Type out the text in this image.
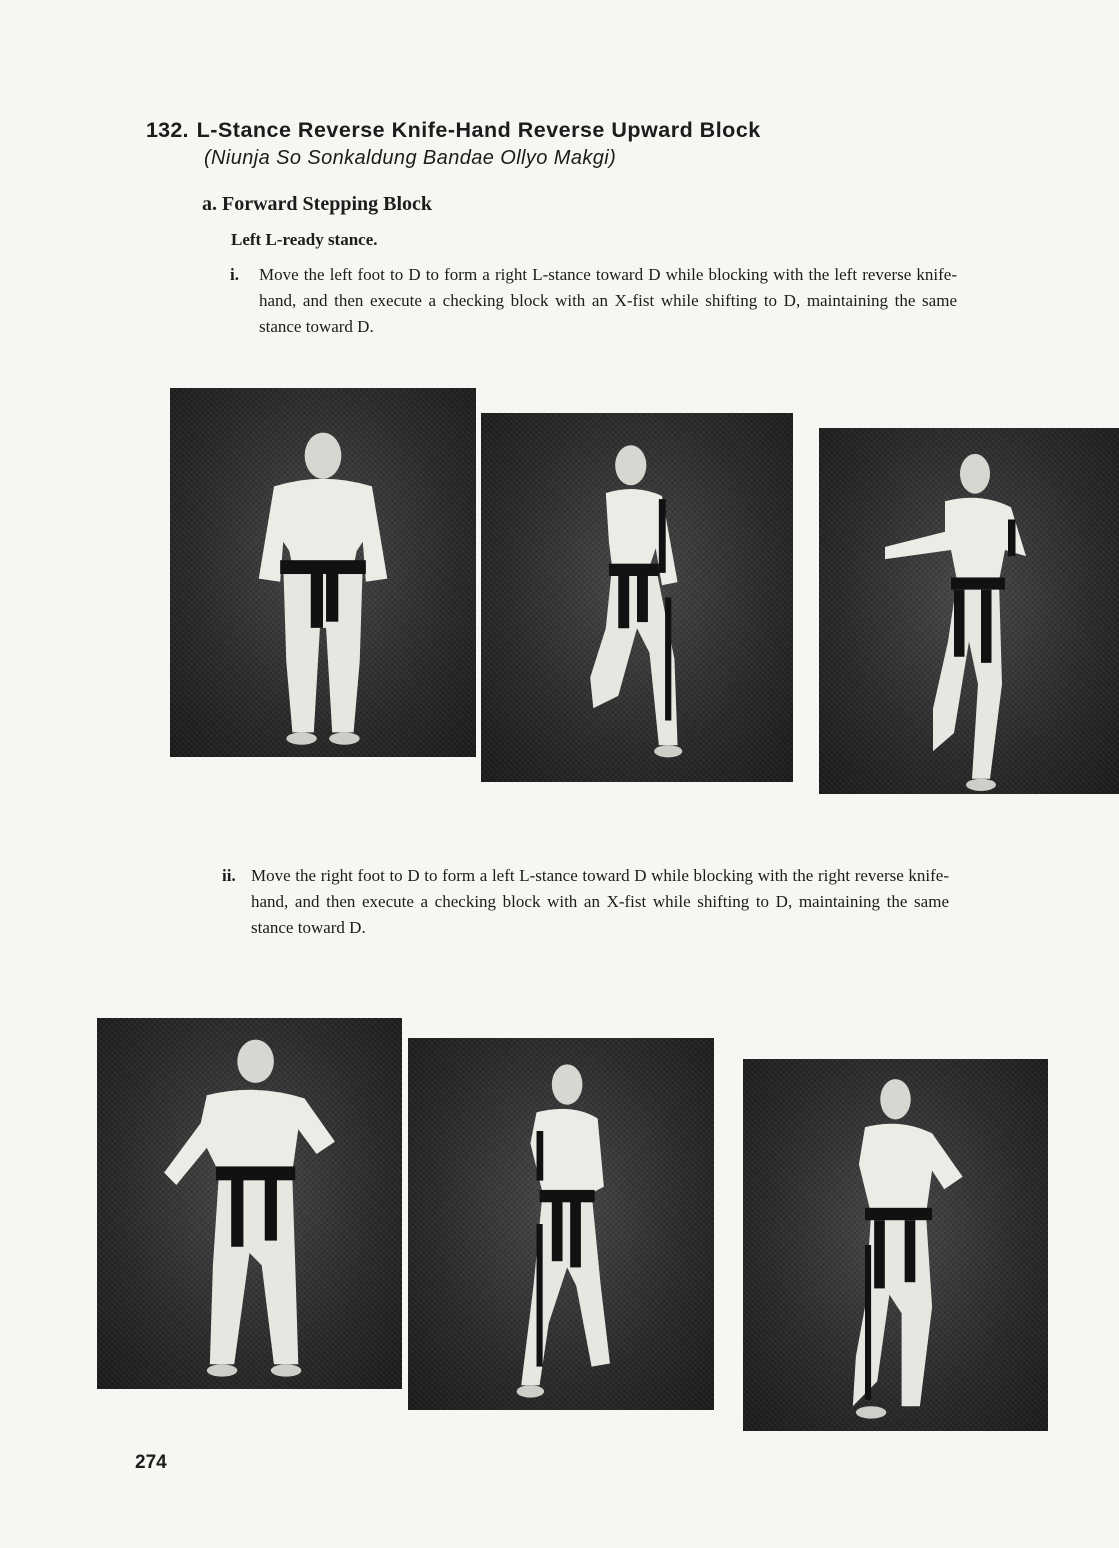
132. L-Stance Reverse Knife-Hand Reverse Upward Block
(Niunja So Sonkaldung Bandae Ollyo Makgi)
a. Forward Stepping Block
Left L-ready stance.
i. Move the left foot to D to form a right L-stance toward D while blocking with the left reverse knife-hand, and then execute a checking block with an X-fist while shifting to D, maintaining the same stance toward D.
ii. Move the right foot to D to form a left L-stance toward D while blocking with the right reverse knife-hand, and then execute a checking block with an X-fist while shifting to D, maintaining the same stance toward D.
274
